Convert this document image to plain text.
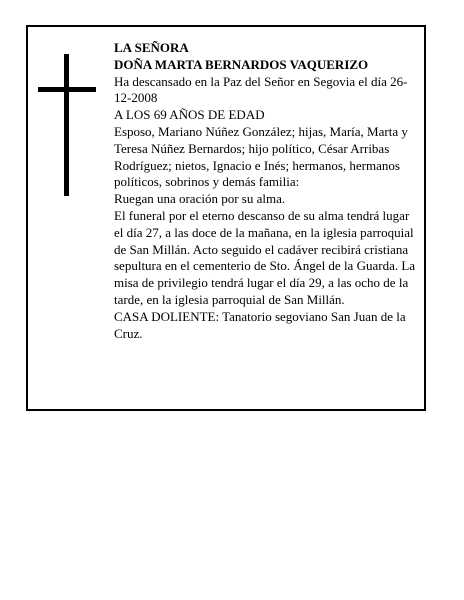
LA SEÑORA

DOÑA MARTA BERNARDOS VAQUERIZO

Ha descansado en la Paz del Señor en Segovia el día 26-
12-2008

A LOS 69 AÑOS DE EDAD

Esposo, Mariano Núñez González; hijas, María, Marta y Teresa Núñez Bernardos; hijo político, César Arribas Rodríguez; nietos, Ignacio e Inés; hermanos, hermanos políticos, sobrinos y demás familia:

Ruegan una oración por su alma.

El funeral por el eterno descanso de su alma tendrá lugar el día 27, a las doce de la mañana, en la iglesia parroquial de San Millán. Acto seguido el cadáver recibirá cristiana sepultura en el cementerio de Sto. Ángel de la Guarda. La misa de privilegio tendrá lugar el día 29, a las ocho de la tarde, en la iglesia parroquial de San Millán.

CASA DOLIENTE: Tanatorio segoviano San Juan de la Cruz.
